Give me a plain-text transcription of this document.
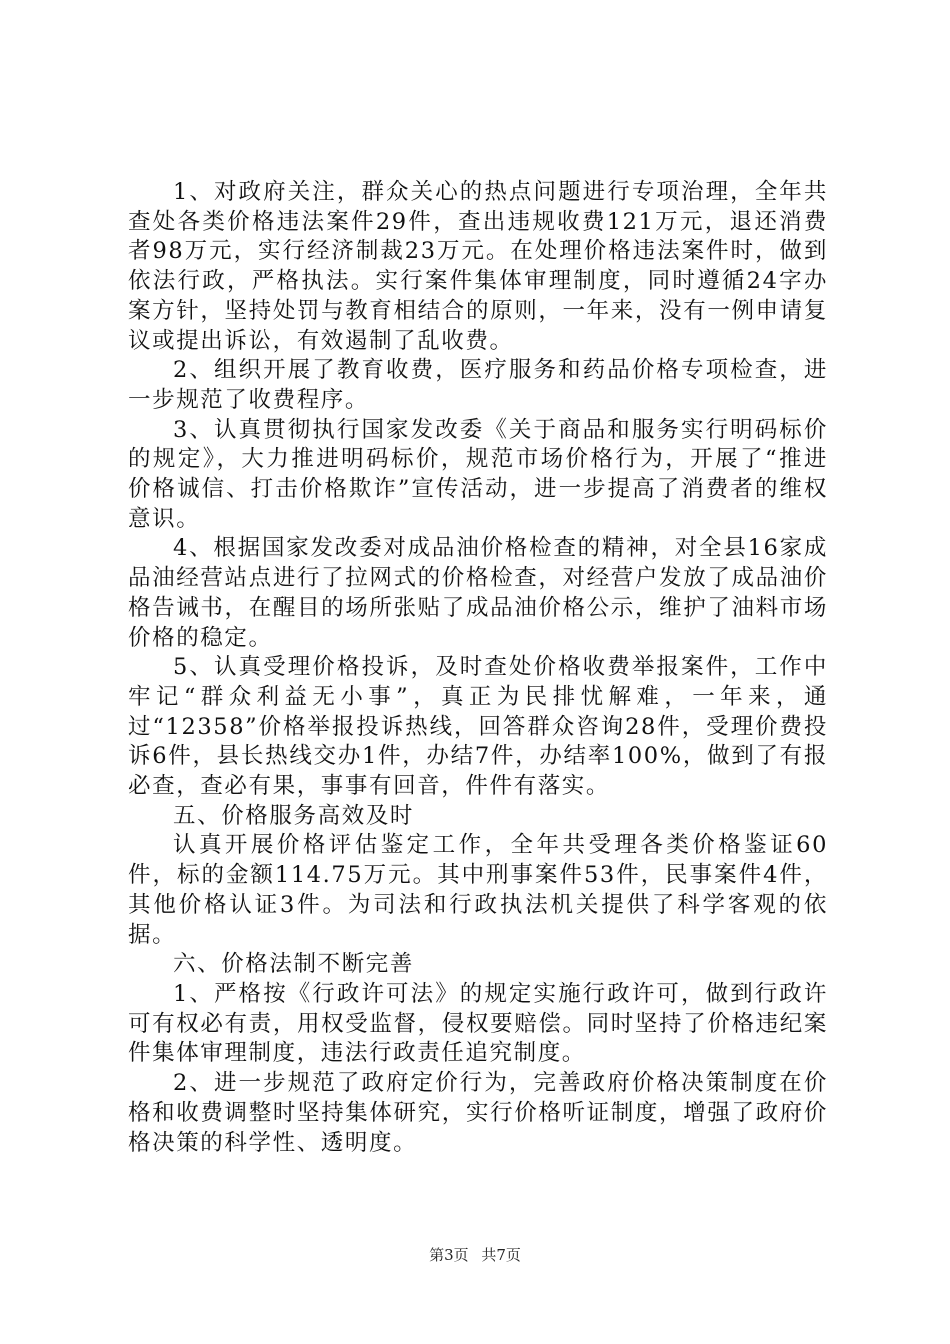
1、对政府关注，群众关心的热点问题进行专项治理，全年共查处各类价格违法案件29件，查出违规收费121万元，退还消费者98万元，实行经济制裁23万元。在处理价格违法案件时，做到依法行政，严格执法。实行案件集体审理制度，同时遵循24字办案方针，坚持处罚与教育相结合的原则，一年来，没有一例申请复议或提出诉讼，有效遏制了乱收费。

2、组织开展了教育收费，医疗服务和药品价格专项检查，进一步规范了收费程序。

3、认真贯彻执行国家发改委《关于商品和服务实行明码标价的规定》，大力推进明码标价，规范市场价格行为，开展了“推进价格诚信、打击价格欺诈”宣传活动，进一步提高了消费者的维权意识。

4、根据国家发改委对成品油价格检查的精神，对全县16家成品油经营站点进行了拉网式的价格检查，对经营户发放了成品油价格告诫书，在醒目的场所张贴了成品油价格公示，维护了油料市场价格的稳定。

5、认真受理价格投诉，及时查处价格收费举报案件，工作中牢记“群众利益无小事”，真正为民排忧解难，一年来，通过“12358”价格举报投诉热线，回答群众咨询28件，受理价费投诉6件，县长热线交办1件，办结7件，办结率100%，做到了有报必查，查必有果，事事有回音，件件有落实。

五、价格服务高效及时

认真开展价格评估鉴定工作，全年共受理各类价格鉴证60件，标的金额114.75万元。其中刑事案件53件，民事案件4件，其他价格认证3件。为司法和行政执法机关提供了科学客观的依据。

六、价格法制不断完善

1、严格按《行政许可法》的规定实施行政许可，做到行政许可有权必有责，用权受监督，侵权要赔偿。同时坚持了价格违纪案件集体审理制度，违法行政责任追究制度。

2、进一步规范了政府定价行为，完善政府价格决策制度在价格和收费调整时坚持集体研究，实行价格听证制度，增强了政府价格决策的科学性、透明度。

第3页 共7页
